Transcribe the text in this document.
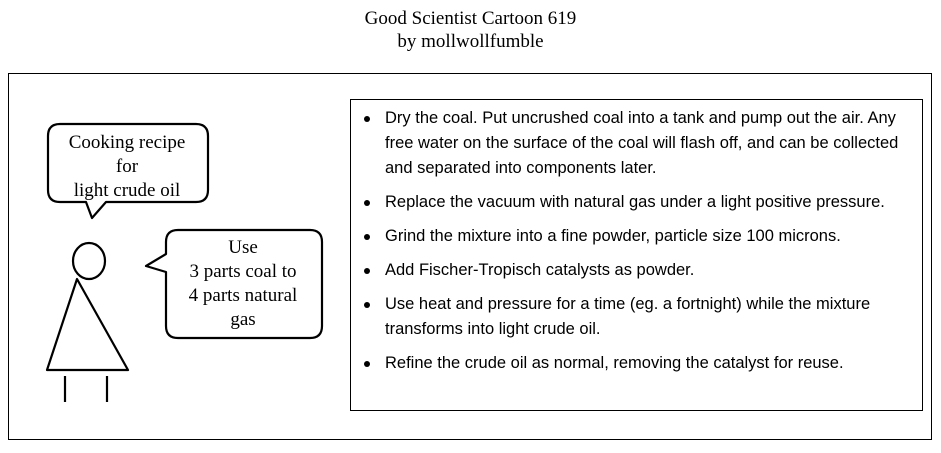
Good Scientist Cartoon 619
by mollwollfumble
Cooking recipe
for
light crude oil
Use
3 parts coal to
4 parts natural
gas
Dry the coal. Put uncrushed coal into a tank and pump out the air. Any free water on the surface of the coal will flash off, and can be collected and separated into components later.
Replace the vacuum with natural gas under a light positive pressure.
Grind the mixture into a fine powder, particle size 100 microns.
Add Fischer-Tropisch catalysts as powder.
Use heat and pressure for a time (eg. a fortnight) while the mixture transforms into light crude oil.
Refine the crude oil as normal, removing the catalyst for reuse.
